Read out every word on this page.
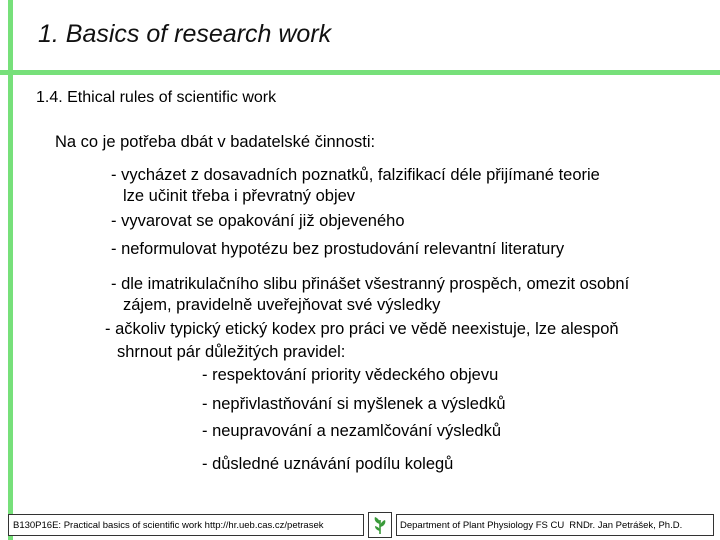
1. Basics of research work
1.4. Ethical rules of scientific work
Na co je potřeba dbát v badatelské činnosti:
- vycházet z dosavadních poznatků, falzifikací déle přijímané teorie
lze učinit třeba i převratný objev
- vyvarovat se opakování již objeveného
- neformulovat hypotézu bez prostudování relevantní literatury
- dle imatrikulačního slibu přinášet všestranný prospěch, omezit osobní
zájem, pravidelně uveřejňovat své výsledky
- ačkoliv typický etický kodex pro práci ve vědě neexistuje, lze alespoň
shrnout pár důležitých pravidel:
- respektování priority vědeckého objevu
- nepřivlastňování si myšlenek a výsledků
- neupravování a nezamlčování výsledků
- důsledné uznávání podílu kolegů
B130P16E: Practical basics of scientific work http://hr.ueb.cas.cz/petrasek	Department of Plant Physiology FS CU RNDr. Jan Petrášek, Ph.D.
